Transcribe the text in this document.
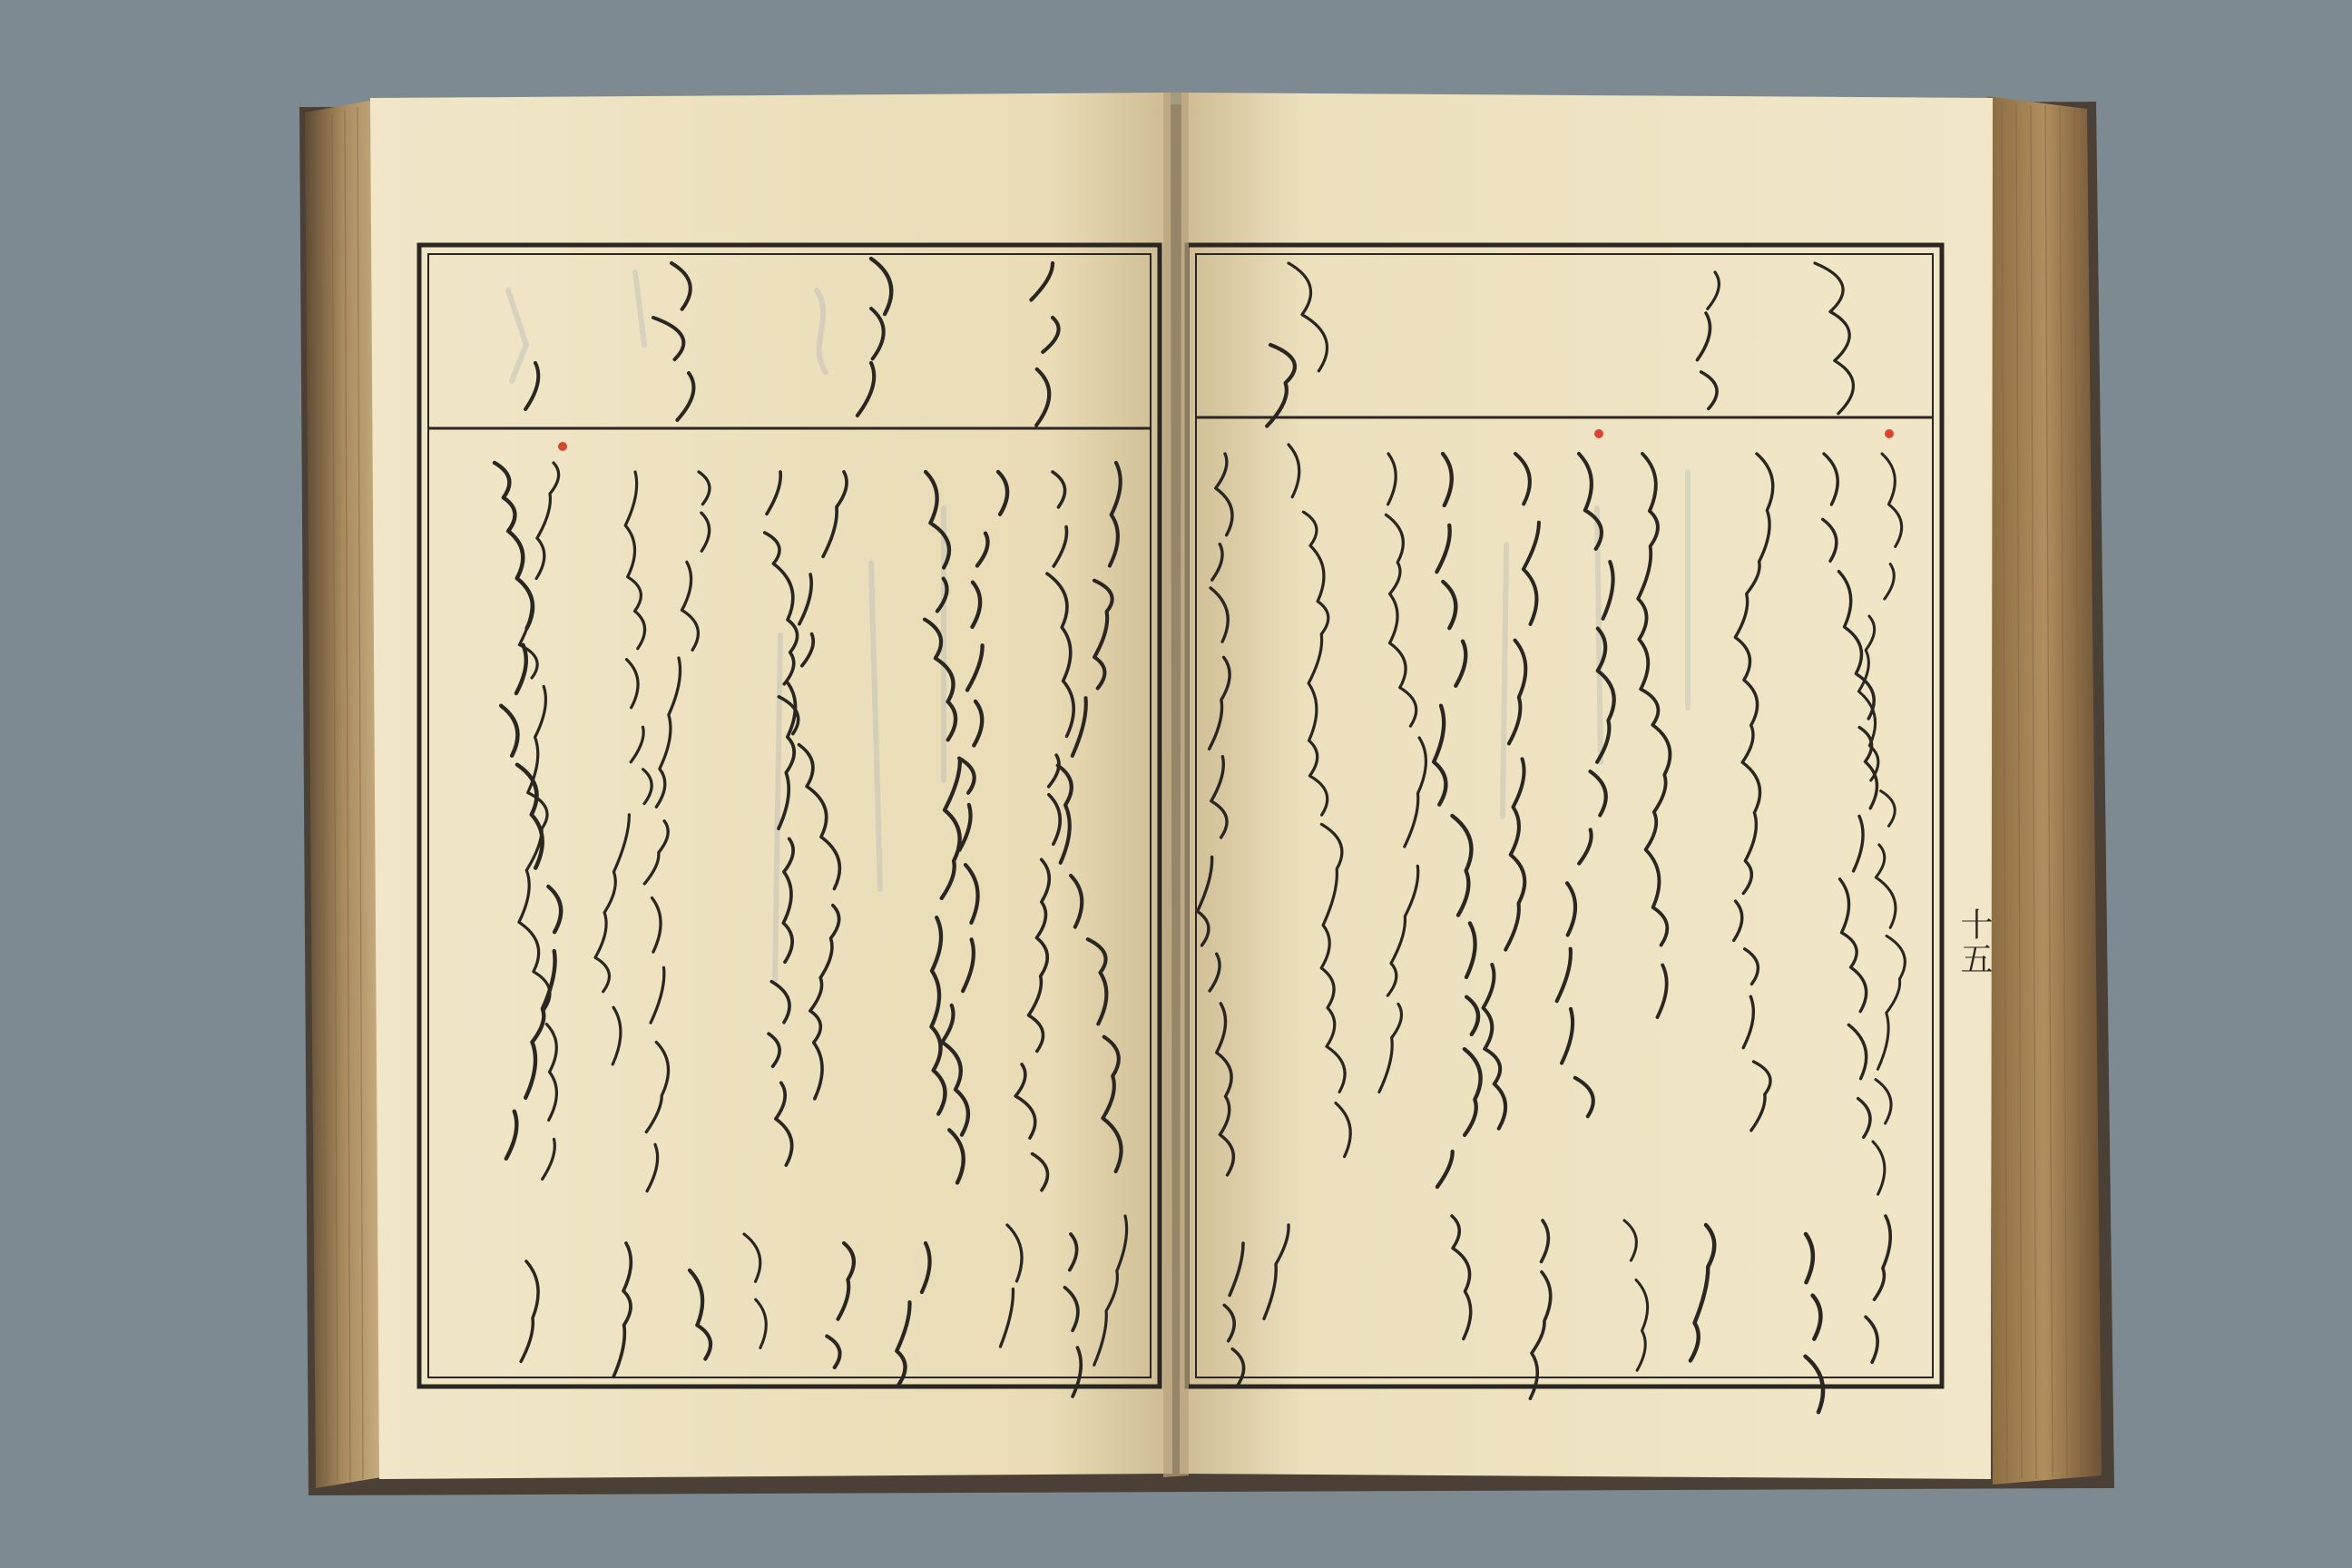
十五
